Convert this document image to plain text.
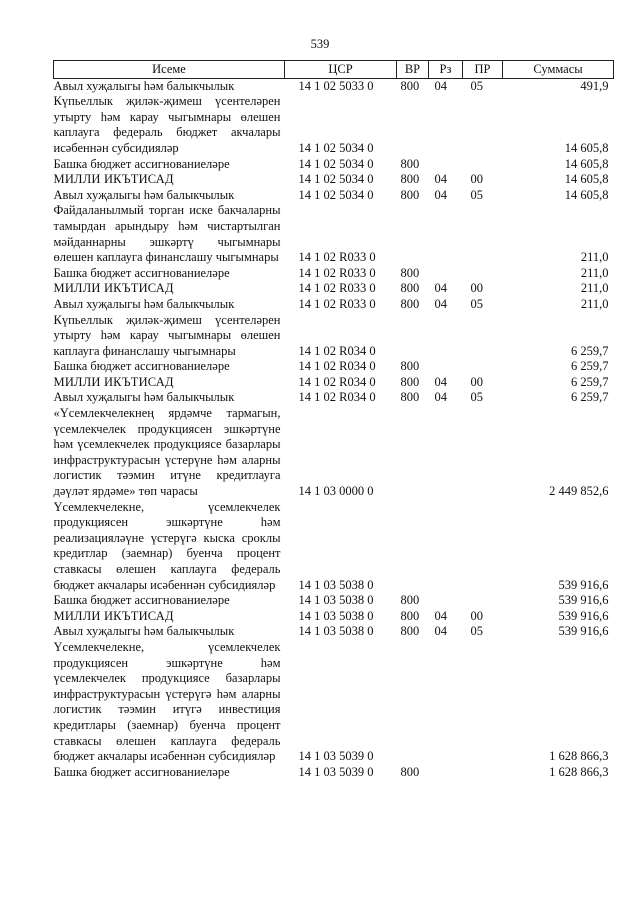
539
Исеме	ЦСР	ВР	Рз	ПР	Суммасы
Авыл хуҗалыгы һәм балыкчылык	14 1 02 5033 0	800	04	05	491,9
Күпьеллык җиләк-җимеш үсентеләрен утырту һәм карау чыгымнары өлешен каплауга федераль бюджет акчалары исәбеннән субсидияләр	14 1 02 5034 0				14 605,8
Башка бюджет ассигнованиеләре	14 1 02 5034 0	800			14 605,8
МИЛЛИ ИКЪТИСАД	14 1 02 5034 0	800	04	00	14 605,8
Авыл хуҗалыгы һәм балыкчылык	14 1 02 5034 0	800	04	05	14 605,8
Файдаланылмый торган иске бакчаларны тамырдан арындыру һәм чистартылган мәйданнарны эшкәртү чыгымнары өлешен каплауга финанслашу чыгымнары	14 1 02 R033 0				211,0
Башка бюджет ассигнованиеләре	14 1 02 R033 0	800			211,0
МИЛЛИ ИКЪТИСАД	14 1 02 R033 0	800	04	00	211,0
Авыл хуҗалыгы һәм балыкчылык	14 1 02 R033 0	800	04	05	211,0
Күпьеллык җиләк-җимеш үсентеләрен утырту һәм карау чыгымнары өлешен каплауга финанслашу чыгымнары	14 1 02 R034 0				6 259,7
Башка бюджет ассигнованиеләре	14 1 02 R034 0	800			6 259,7
МИЛЛИ ИКЪТИСАД	14 1 02 R034 0	800	04	00	6 259,7
Авыл хуҗалыгы һәм балыкчылык	14 1 02 R034 0	800	04	05	6 259,7
«Үсемлекчелекнең ярдәмче тармагын, үсемлекчелек продукциясен эшкәртүне һәм үсемлекчелек продукциясе базарлары инфраструктурасын үстерүне һәм аларны логистик тәэмин итүне кредитлауга дәүләт ярдәме» төп чарасы	14 1 03 0000 0				2 449 852,6
Үсемлекчелекне, үсемлекчелек продукциясен эшкәртүне һәм реализацияләүне үстерүгә кыска сроклы кредитлар (заемнар) буенча процент ставкасы өлешен каплауга федераль бюджет акчалары исәбеннән субсидияләр	14 1 03 5038 0				539 916,6
Башка бюджет ассигнованиеләре	14 1 03 5038 0	800			539 916,6
МИЛЛИ ИКЪТИСАД	14 1 03 5038 0	800	04	00	539 916,6
Авыл хуҗалыгы һәм балыкчылык	14 1 03 5038 0	800	04	05	539 916,6
Үсемлекчелекне, үсемлекчелек продукциясен эшкәртүне һәм үсемлекчелек продукциясе базарлары инфраструктурасын үстерүгә һәм аларны логистик тәэмин итүгә инвестиция кредитлары (заемнар) буенча процент ставкасы өлешен каплауга федераль бюджет акчалары исәбеннән субсидияләр	14 1 03 5039 0				1 628 866,3
Башка бюджет ассигнованиеләре	14 1 03 5039 0	800			1 628 866,3
